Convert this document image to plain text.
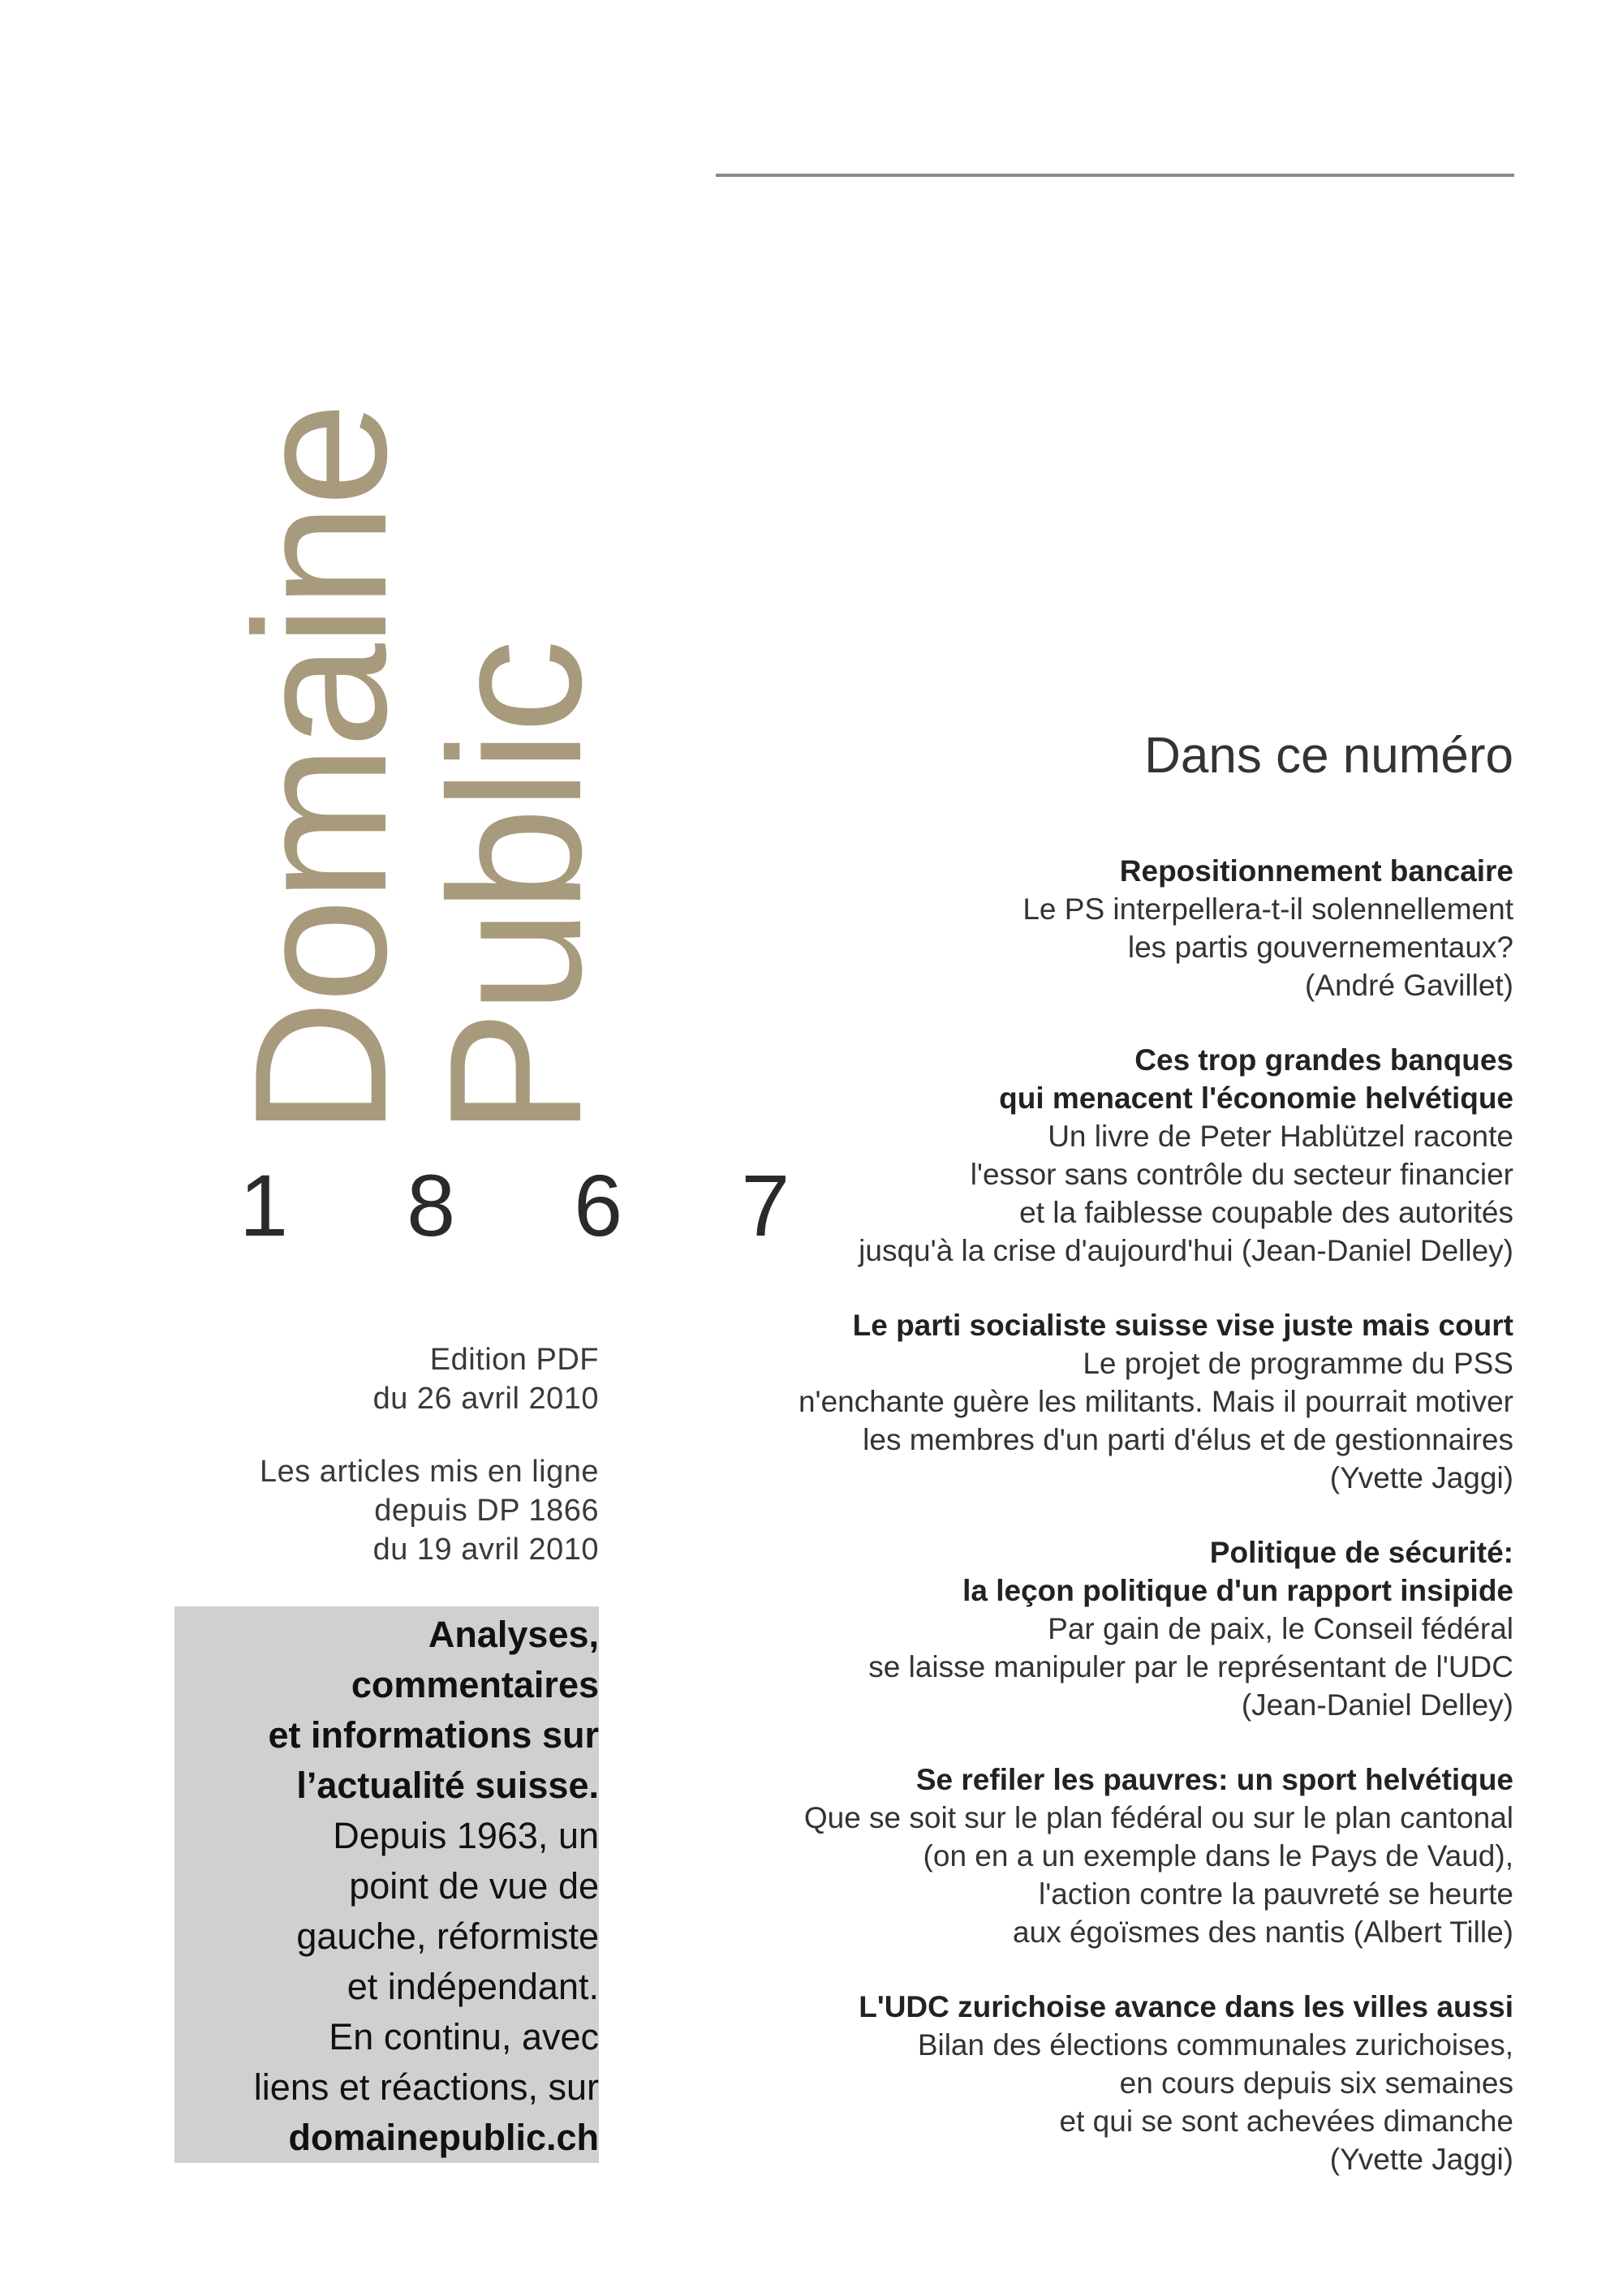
Domaine
Public
1 8 6 7
Edition PDF
du 26 avril 2010
Les articles mis en ligne
depuis DP 1866
du 19 avril 2010
Analyses,
commentaires
et informations sur
l’actualité suisse.
Depuis 1963, un
point de vue de
gauche, réformiste
et indépendant.
En continu, avec
liens et réactions, sur
domainepublic.ch
Dans ce numéro
Repositionnement bancaire
Le PS interpellera-t-il solennellement
les partis gouvernementaux?
(André Gavillet)
Ces trop grandes banques
qui menacent l'économie helvétique
Un livre de Peter Hablützel raconte
l'essor sans contrôle du secteur financier
et la faiblesse coupable des autorités
jusqu'à la crise d'aujourd'hui (Jean-Daniel Delley)
Le parti socialiste suisse vise juste mais court
Le projet de programme du PSS
n'enchante guère les militants. Mais il pourrait motiver
les membres d'un parti d'élus et de gestionnaires
(Yvette Jaggi)
Politique de sécurité:
la leçon politique d'un rapport insipide
Par gain de paix, le Conseil fédéral
se laisse manipuler par le représentant de l'UDC
(Jean-Daniel Delley)
Se refiler les pauvres: un sport helvétique
Que se soit sur le plan fédéral ou sur le plan cantonal
(on en a un exemple dans le Pays de Vaud),
l'action contre la pauvreté se heurte
aux égoïsmes des nantis (Albert Tille)
L'UDC zurichoise avance dans les villes aussi
Bilan des élections communales zurichoises,
en cours depuis six semaines
et qui se sont achevées dimanche
(Yvette Jaggi)
